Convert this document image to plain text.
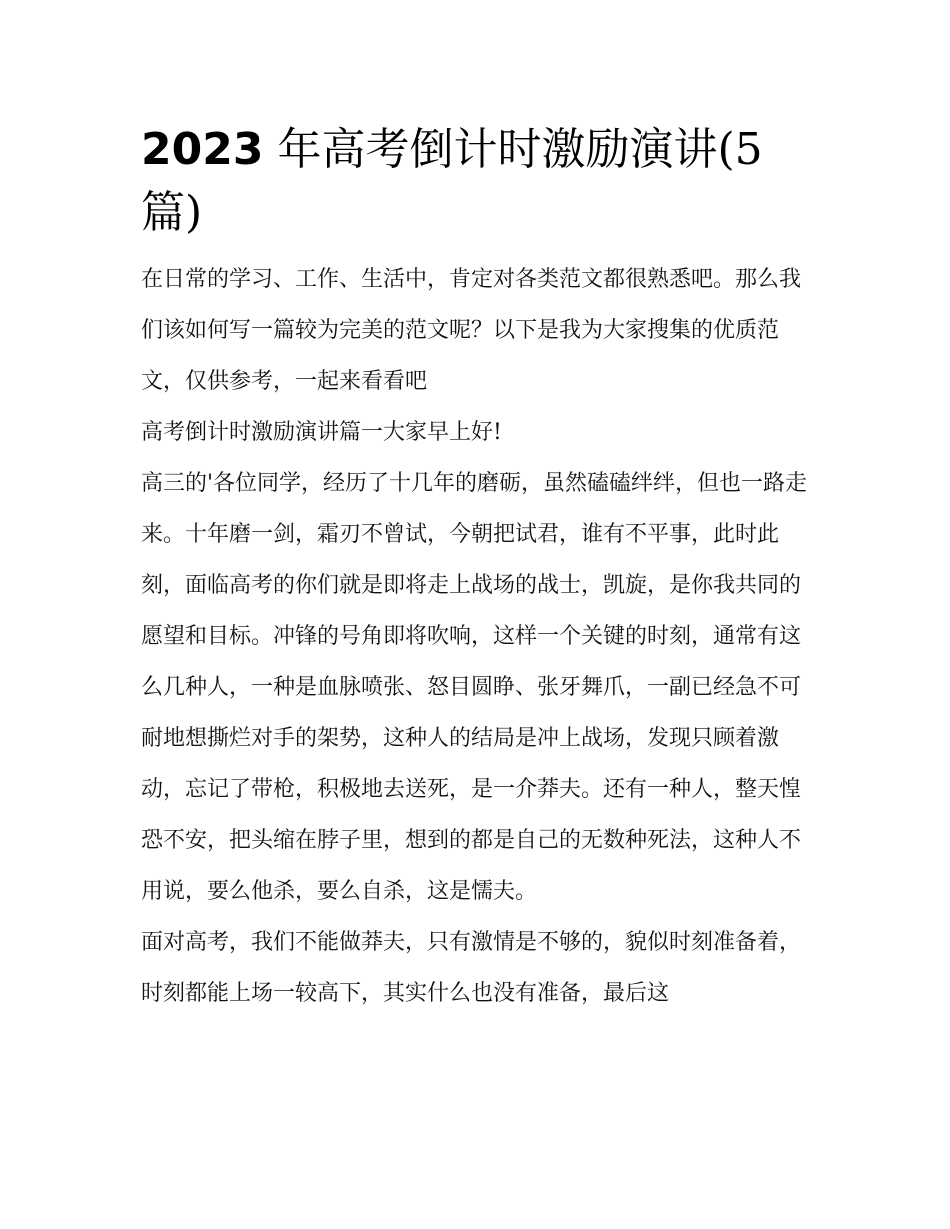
2023 年高考倒计时激励演讲(5篇)

在日常的学习、工作、生活中，肯定对各类范文都很熟悉吧。那么我们该如何写一篇较为完美的范文呢？以下是我为大家搜集的优质范文，仅供参考，一起来看看吧

高考倒计时激励演讲篇一大家早上好!

高三的'各位同学，经历了十几年的磨砺，虽然磕磕绊绊，但也一路走来。十年磨一剑，霜刃不曾试，今朝把试君，谁有不平事，此时此刻，面临高考的你们就是即将走上战场的战士，凯旋，是你我共同的愿望和目标。冲锋的号角即将吹响，这样一个关键的时刻，通常有这么几种人，一种是血脉喷张、怒目圆睁、张牙舞爪，一副已经急不可耐地想撕烂对手的架势，这种人的结局是冲上战场，发现只顾着激动，忘记了带枪，积极地去送死，是一介莽夫。还有一种人，整天惶恐不安，把头缩在脖子里，想到的都是自己的无数种死法，这种人不用说，要么他杀，要么自杀，这是懦夫。

面对高考，我们不能做莽夫，只有激情是不够的，貌似时刻准备着，时刻都能上场一较高下，其实什么也没有准备，最后这
